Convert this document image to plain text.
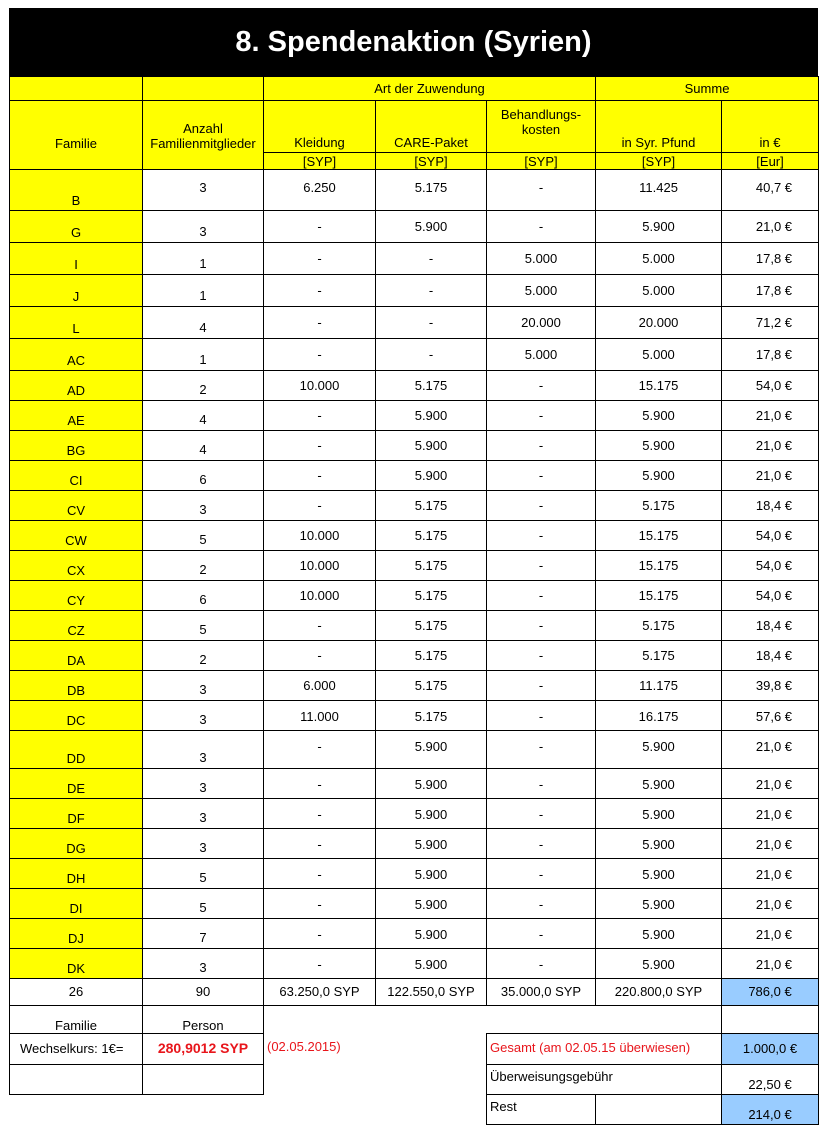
8. Spendenaktion (Syrien)
		Art der Zuwendung			Summe	
Familie	Anzahl Familienmitglieder	Kleidung	CARE-Paket	Behandlungs-kosten	in Syr. Pfund	in €
		[SYP]	[SYP]	[SYP]	[SYP]	[Eur]
B	3	6.250	5.175	-	11.425	40,7 €
G	3	-	5.900	-	5.900	21,0 €
I	1	-	-	5.000	5.000	17,8 €
J	1	-	-	5.000	5.000	17,8 €
L	4	-	-	20.000	20.000	71,2 €
AC	1	-	-	5.000	5.000	17,8 €
AD	2	10.000	5.175	-	15.175	54,0 €
AE	4	-	5.900	-	5.900	21,0 €
BG	4	-	5.900	-	5.900	21,0 €
CI	6	-	5.900	-	5.900	21,0 €
CV	3	-	5.175	-	5.175	18,4 €
CW	5	10.000	5.175	-	15.175	54,0 €
CX	2	10.000	5.175	-	15.175	54,0 €
CY	6	10.000	5.175	-	15.175	54,0 €
CZ	5	-	5.175	-	5.175	18,4 €
DA	2	-	5.175	-	5.175	18,4 €
DB	3	6.000	5.175	-	11.175	39,8 €
DC	3	11.000	5.175	-	16.175	57,6 €
DD	3	-	5.900	-	5.900	21,0 €
DE	3	-	5.900	-	5.900	21,0 €
DF	3	-	5.900	-	5.900	21,0 €
DG	3	-	5.900	-	5.900	21,0 €
DH	5	-	5.900	-	5.900	21,0 €
DI	5	-	5.900	-	5.900	21,0 €
DJ	7	-	5.900	-	5.900	21,0 €
DK	3	-	5.900	-	5.900	21,0 €
26	90	63.250,0 SYP	122.550,0 SYP	35.000,0 SYP	220.800,0 SYP	786,0 €
Familie	Person					
Wechselkurs: 1€=	280,9012 SYP	(02.05.2015)		Gesamt (am 02.05.15 überwiesen)		1.000,0 €
				Überweisungsgebühr		22,50 €
				Rest		214,0 €
